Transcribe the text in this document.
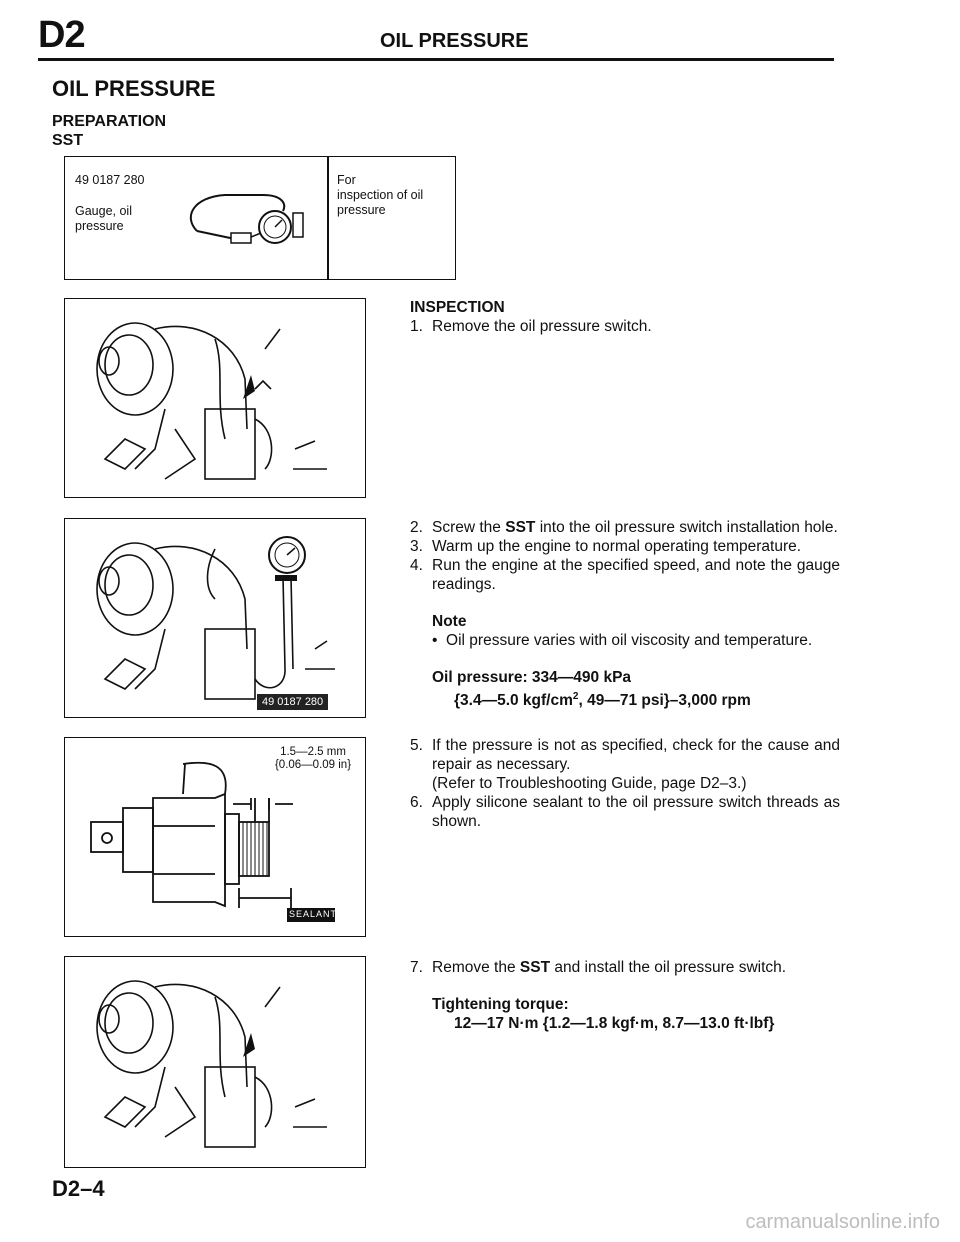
D2	OIL PRESSURE
OIL PRESSURE
PREPARATION
SST
49 0187 280
Gauge, oil
pressure
For
inspection of oil
pressure
49 0187 280
1.5—2.5 mm
{0.06—0.09 in}
SEALANT
INSPECTION
1. Remove the oil pressure switch.
2. Screw the SST into the oil pressure switch installation hole.
3. Warm up the engine to normal operating temperature.
4. Run the engine at the specified speed, and note the gauge readings.
Note
•  Oil pressure varies with oil viscosity and temperature.
Oil pressure: 334—490 kPa
{3.4—5.0 kgf/$cm^2$, 49—71 psi}–3,000 rpm
5. If the pressure is not as specified, check for the cause and repair as necessary.
(Refer to Troubleshooting Guide, page D2–3.)
6. Apply silicone sealant to the oil pressure switch threads as shown.
7. Remove the SST and install the oil pressure switch.
Tightening torque:
12—17 N·m {1.2—1.8 kgf·m, 8.7—13.0 ft·lbf}
D2–4
carmanualsonline.info
